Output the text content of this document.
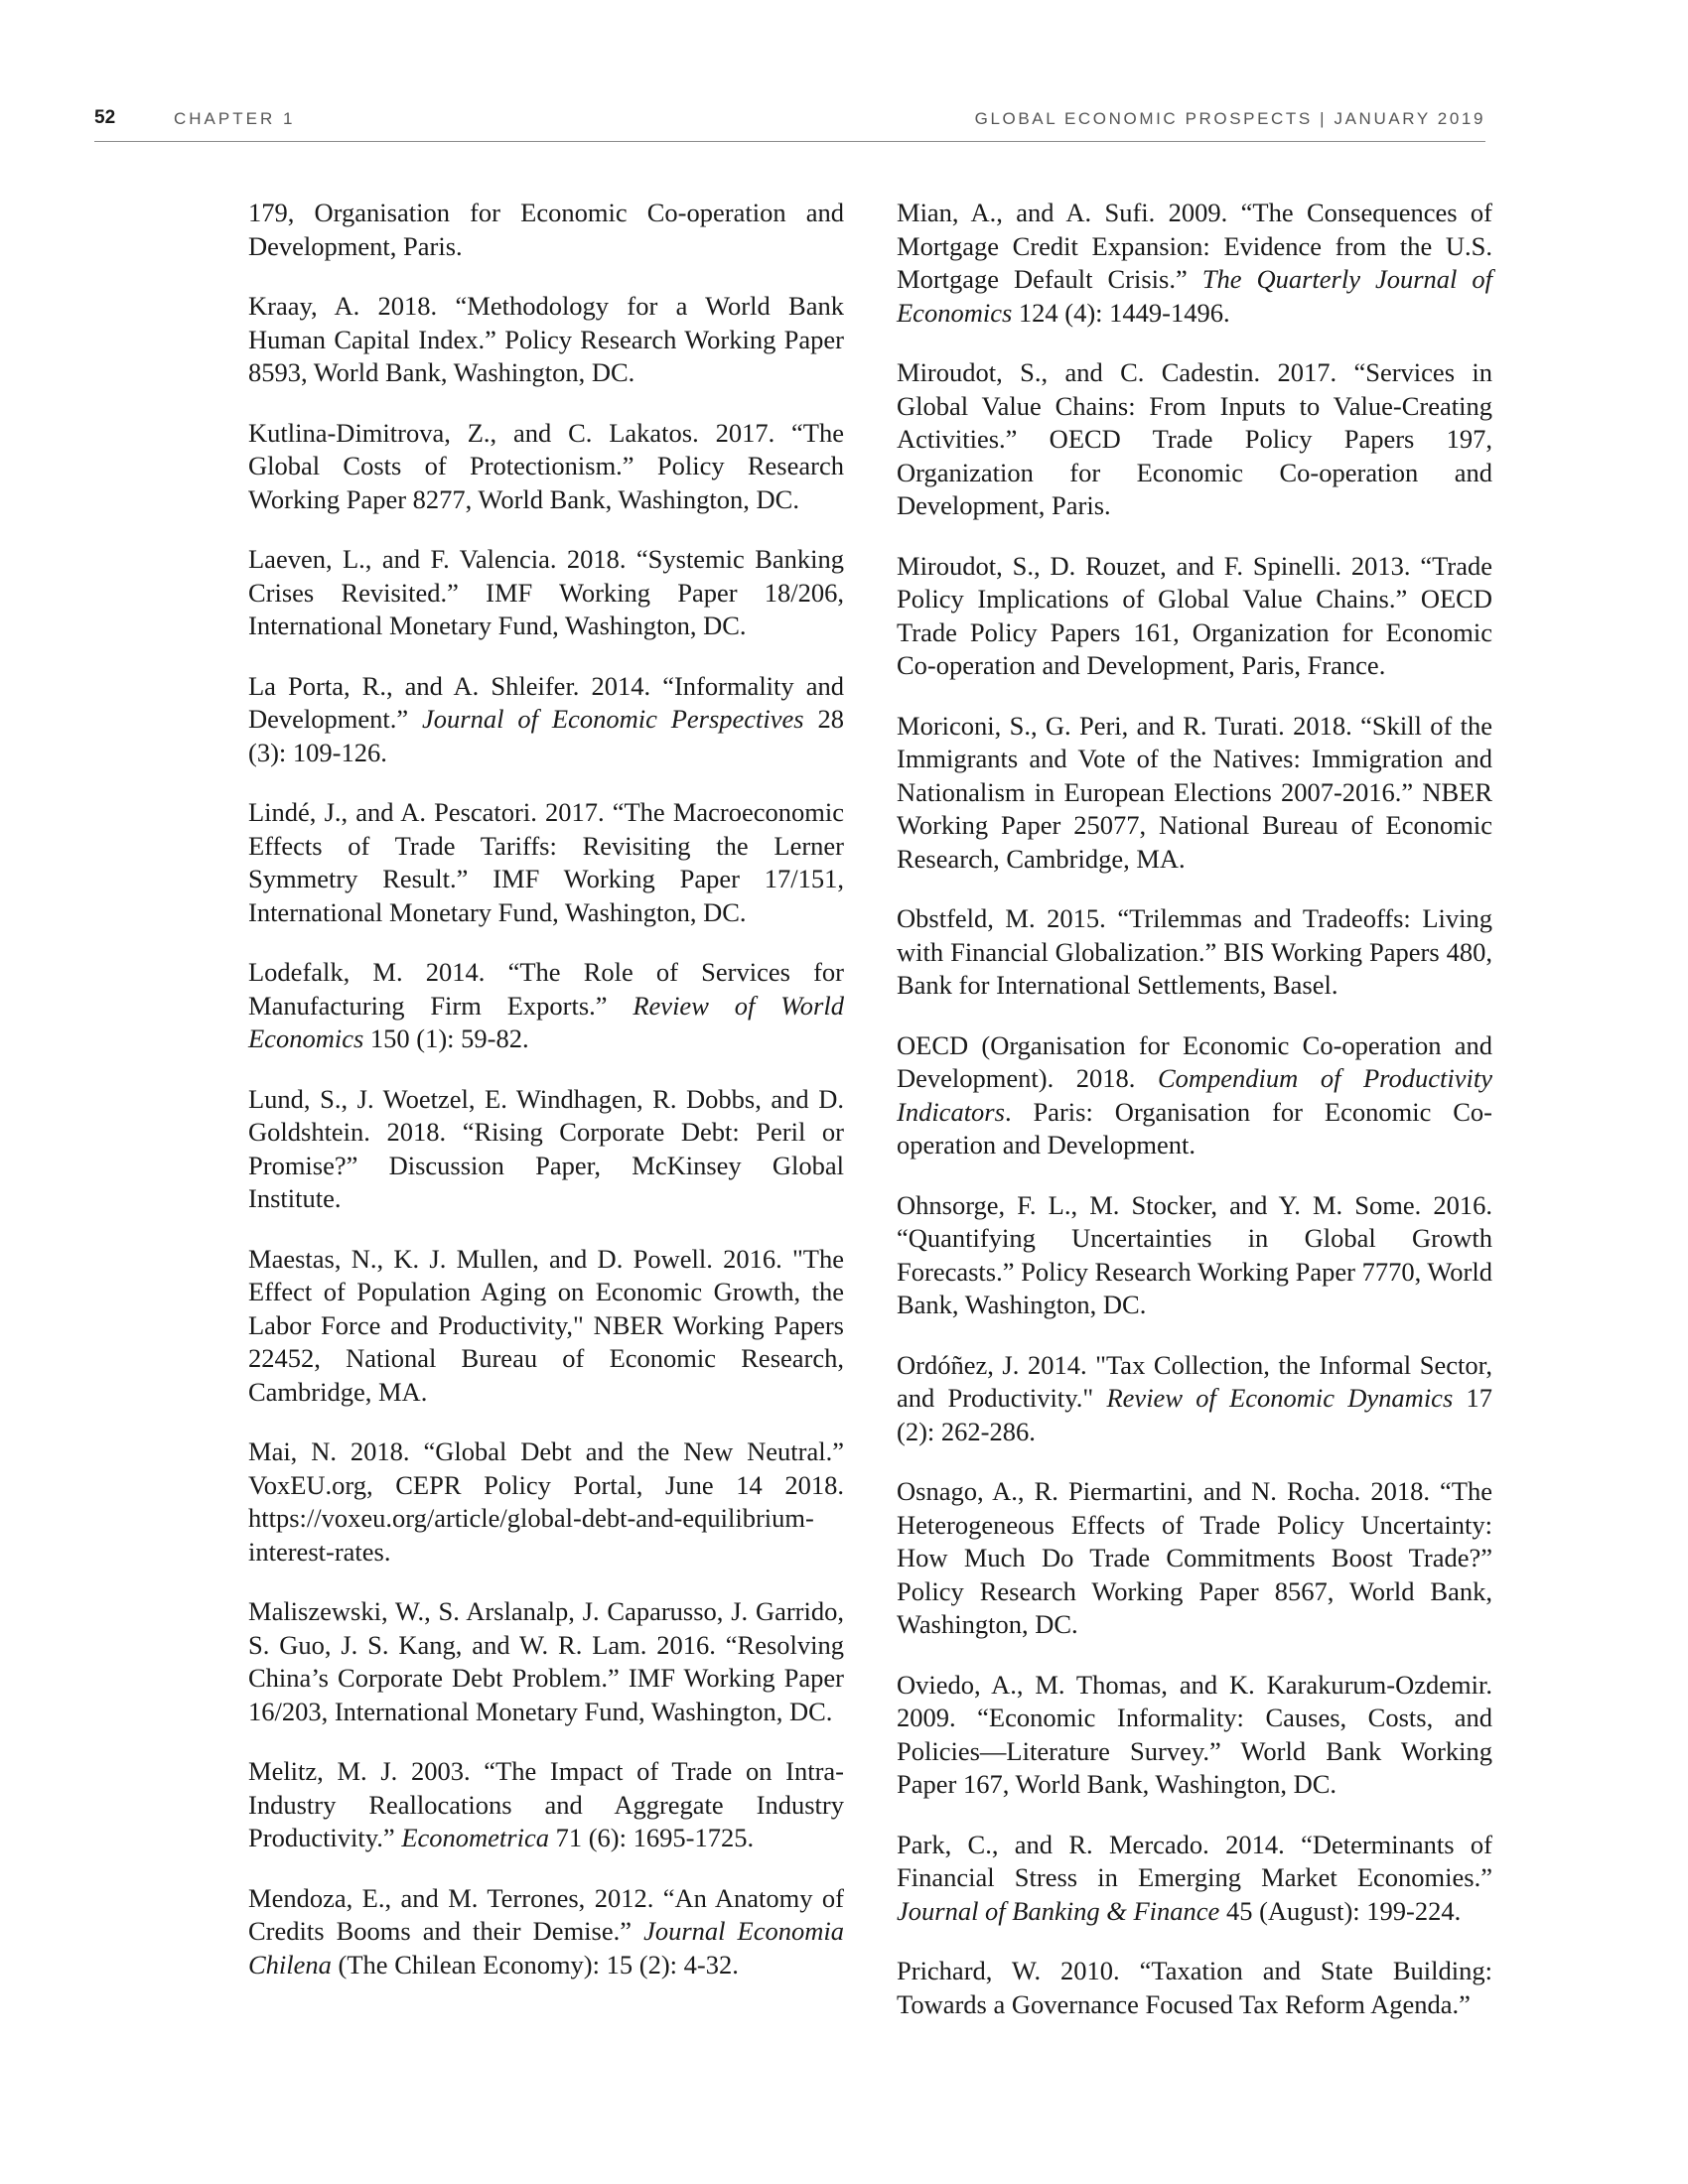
52	CHAPTER 1	GLOBAL ECONOMIC PROSPECTS | JANUARY 2019

179, Organisation for Economic Co-operation and Development, Paris.

Kraay, A. 2018. “Methodology for a World Bank Human Capital Index.” Policy Research Working Paper 8593, World Bank, Washington, DC.

Kutlina-Dimitrova, Z., and C. Lakatos. 2017. “The Global Costs of Protectionism.” Policy Research Working Paper 8277, World Bank, Washington, DC.

Laeven, L., and F. Valencia. 2018. “Systemic Banking Crises Revisited.” IMF Working Paper 18/206, International Monetary Fund, Washington, DC.

La Porta, R., and A. Shleifer. 2014. “Informality and Development.” Journal of Economic Perspectives 28 (3): 109-126.

Lindé, J., and A. Pescatori. 2017. “The Macroeconomic Effects of Trade Tariffs: Revisiting the Lerner Symmetry Result.” IMF Working Paper 17/151, International Monetary Fund, Washington, DC.

Lodefalk, M. 2014. “The Role of Services for Manufacturing Firm Exports.” Review of World Economics 150 (1): 59-82.

Lund, S., J. Woetzel, E. Windhagen, R. Dobbs, and D. Goldshtein. 2018. “Rising Corporate Debt: Peril or Promise?” Discussion Paper, McKinsey Global Institute.

Maestas, N., K. J. Mullen, and D. Powell. 2016. "The Effect of Population Aging on Economic Growth, the Labor Force and Productivity," NBER Working Papers 22452, National Bureau of Economic Research, Cambridge, MA.

Mai, N. 2018. “Global Debt and the New Neutral.” VoxEU.org, CEPR Policy Portal, June 14 2018. https://voxeu.org/article/global-debt-and-equilibrium-interest-rates.

Maliszewski, W., S. Arslanalp, J. Caparusso, J. Garrido, S. Guo, J. S. Kang, and W. R. Lam. 2016. “Resolving China’s Corporate Debt Problem.” IMF Working Paper 16/203, International Monetary Fund, Washington, DC.

Melitz, M. J. 2003. “The Impact of Trade on Intra-Industry Reallocations and Aggregate Industry Productivity.” Econometrica 71 (6): 1695-1725.

Mendoza, E., and M. Terrones, 2012. “An Anatomy of Credits Booms and their Demise.” Journal Economia Chilena (The Chilean Economy): 15 (2): 4-32.

Mian, A., and A. Sufi. 2009. “The Consequences of Mortgage Credit Expansion: Evidence from the U.S. Mortgage Default Crisis.” The Quarterly Journal of Economics 124 (4): 1449-1496.

Miroudot, S., and C. Cadestin. 2017. “Services in Global Value Chains: From Inputs to Value-Creating Activities.” OECD Trade Policy Papers 197, Organization for Economic Co-operation and Development, Paris.

Miroudot, S., D. Rouzet, and F. Spinelli. 2013. “Trade Policy Implications of Global Value Chains.” OECD Trade Policy Papers 161, Organization for Economic Co-operation and Development, Paris, France.

Moriconi, S., G. Peri, and R. Turati. 2018. “Skill of the Immigrants and Vote of the Natives: Immigration and Nationalism in European Elections 2007-2016.” NBER Working Paper 25077, National Bureau of Economic Research, Cambridge, MA.

Obstfeld, M. 2015. “Trilemmas and Tradeoffs: Living with Financial Globalization.” BIS Working Papers 480, Bank for International Settlements, Basel.

OECD (Organisation for Economic Co-operation and Development). 2018. Compendium of Productivity Indicators. Paris: Organisation for Economic Co-operation and Development.

Ohnsorge, F. L., M. Stocker, and Y. M. Some. 2016. “Quantifying Uncertainties in Global Growth Forecasts.” Policy Research Working Paper 7770, World Bank, Washington, DC.

Ordóñez, J. 2014. "Tax Collection, the Informal Sector, and Productivity." Review of Economic Dynamics 17 (2): 262-286.

Osnago, A., R. Piermartini, and N. Rocha. 2018. “The Heterogeneous Effects of Trade Policy Uncertainty: How Much Do Trade Commitments Boost Trade?” Policy Research Working Paper 8567, World Bank, Washington, DC.

Oviedo, A., M. Thomas, and K. Karakurum-Ozdemir. 2009. “Economic Informality: Causes, Costs, and Policies—Literature Survey.” World Bank Working Paper 167, World Bank, Washington, DC.

Park, C., and R. Mercado. 2014. “Determinants of Financial Stress in Emerging Market Economies.” Journal of Banking & Finance 45 (August): 199-224.

Prichard, W. 2010. “Taxation and State Building: Towards a Governance Focused Tax Reform Agenda.”
